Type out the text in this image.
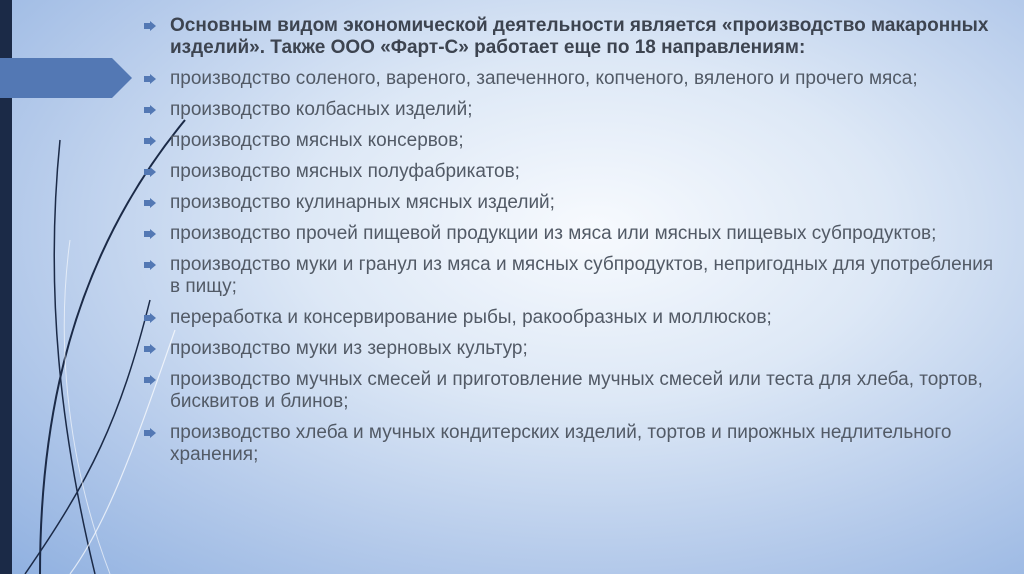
Основным видом экономической деятельности является «производство макаронных изделий». Также ООО «Фарт-С» работает еще по 18 направлениям:
производство соленого, вареного, запеченного, копченого, вяленого и прочего мяса;
производство колбасных изделий;
производство мясных консервов;
производство мясных полуфабрикатов;
производство кулинарных мясных изделий;
производство прочей пищевой продукции из мяса или мясных пищевых субпродуктов;
производство муки и гранул из мяса и мясных субпродуктов, непригодных для употребления в пищу;
переработка и консервирование рыбы, ракообразных и моллюсков;
производство муки из зерновых культур;
производство мучных смесей и приготовление мучных смесей или теста для хлеба, тортов, бисквитов и блинов;
производство хлеба и мучных кондитерских изделий, тортов и пирожных недлительного хранения;
